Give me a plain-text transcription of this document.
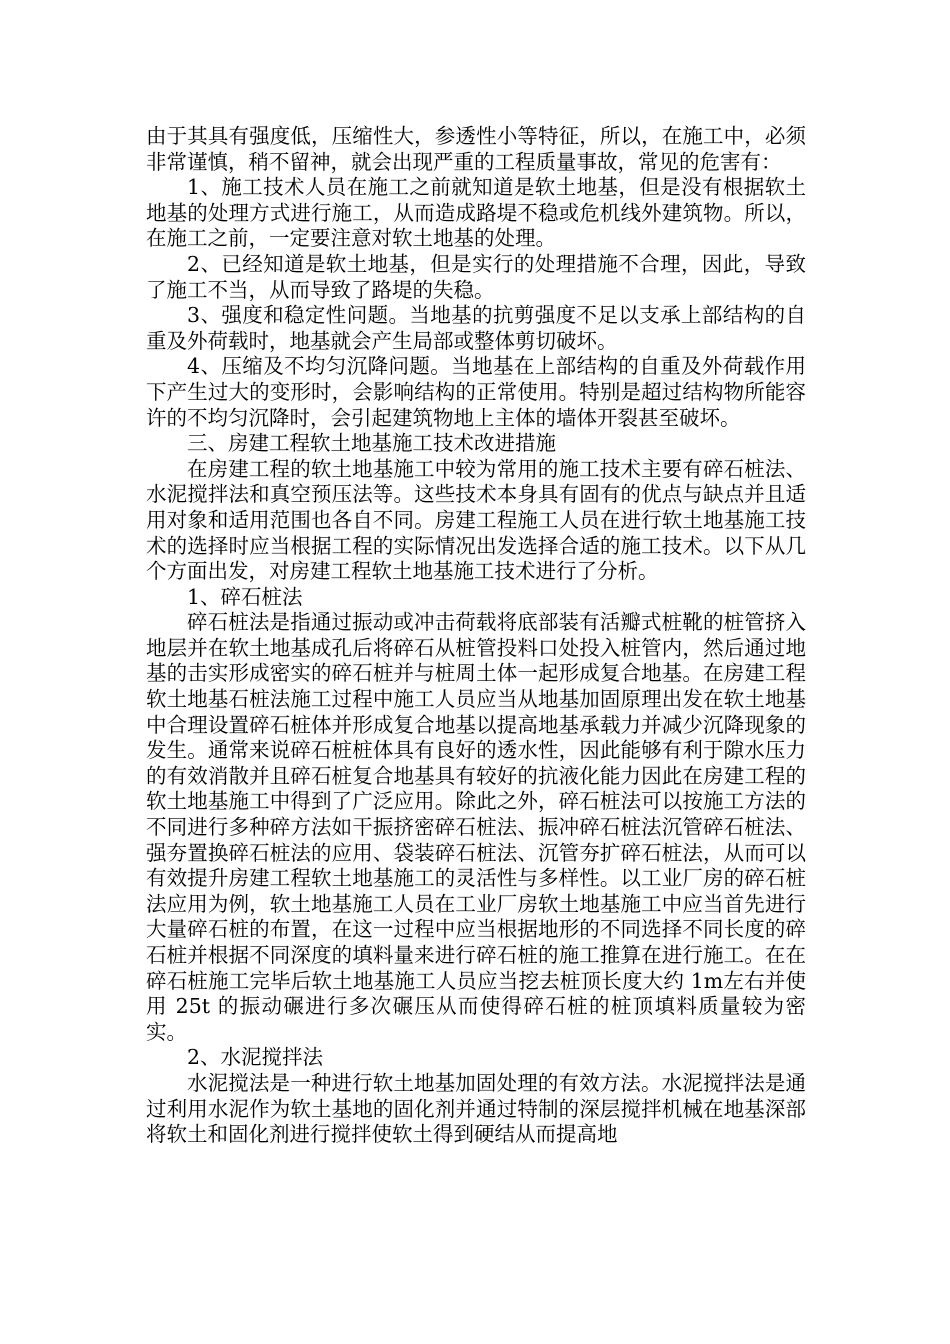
由于其具有强度低，压缩性大，参透性小等特征，所以，在施工中，必须非常谨慎，稍不留神，就会出现严重的工程质量事故，常见的危害有：

1、施工技术人员在施工之前就知道是软土地基，但是没有根据软土地基的处理方式进行施工，从而造成路堤不稳或危机线外建筑物。所以，在施工之前，一定要注意对软土地基的处理。

2、已经知道是软土地基，但是实行的处理措施不合理，因此，导致了施工不当，从而导致了路堤的失稳。

3、强度和稳定性问题。当地基的抗剪强度不足以支承上部结构的自重及外荷载时，地基就会产生局部或整体剪切破坏。

4、压缩及不均匀沉降问题。当地基在上部结构的自重及外荷载作用下产生过大的变形时，会影响结构的正常使用。特别是超过结构物所能容许的不均匀沉降时，会引起建筑物地上主体的墙体开裂甚至破坏。

三、房建工程软土地基施工技术改进措施

在房建工程的软土地基施工中较为常用的施工技术主要有碎石桩法、水泥搅拌法和真空预压法等。这些技术本身具有固有的优点与缺点并且适用对象和适用范围也各自不同。房建工程施工人员在进行软土地基施工技术的选择时应当根据工程的实际情况出发选择合适的施工技术。以下从几个方面出发，对房建工程软土地基施工技术进行了分析。

1、碎石桩法

碎石桩法是指通过振动或冲击荷载将底部装有活瓣式桩靴的桩管挤入地层并在软土地基成孔后将碎石从桩管投料口处投入桩管内，然后通过地基的击实形成密实的碎石桩并与桩周土体一起形成复合地基。在房建工程软土地基石桩法施工过程中施工人员应当从地基加固原理出发在软土地基中合理设置碎石桩体并形成复合地基以提高地基承载力并减少沉降现象的发生。通常来说碎石桩桩体具有良好的透水性，因此能够有利于隙水压力的有效消散并且碎石桩复合地基具有较好的抗液化能力因此在房建工程的软土地基施工中得到了广泛应用。除此之外，碎石桩法可以按施工方法的不同进行多种碎方法如干振挤密碎石桩法、振冲碎石桩法沉管碎石桩法、强夯置换碎石桩法的应用、袋装碎石桩法、沉管夯扩碎石桩法，从而可以有效提升房建工程软土地基施工的灵活性与多样性。以工业厂房的碎石桩法应用为例，软土地基施工人员在工业厂房软土地基施工中应当首先进行大量碎石桩的布置，在这一过程中应当根据地形的不同选择不同长度的碎石桩并根据不同深度的填料量来进行碎石桩的施工推算在进行施工。在在碎石桩施工完毕后软土地基施工人员应当挖去桩顶长度大约 1m左右并使用 25t 的振动碾进行多次碾压从而使得碎石桩的桩顶填料质量较为密实。

2、水泥搅拌法

水泥搅法是一种进行软土地基加固处理的有效方法。水泥搅拌法是通过利用水泥作为软土基地的固化剂并通过特制的深层搅拌机械在地基深部将软土和固化剂进行搅拌使软土得到硬结从而提高地
